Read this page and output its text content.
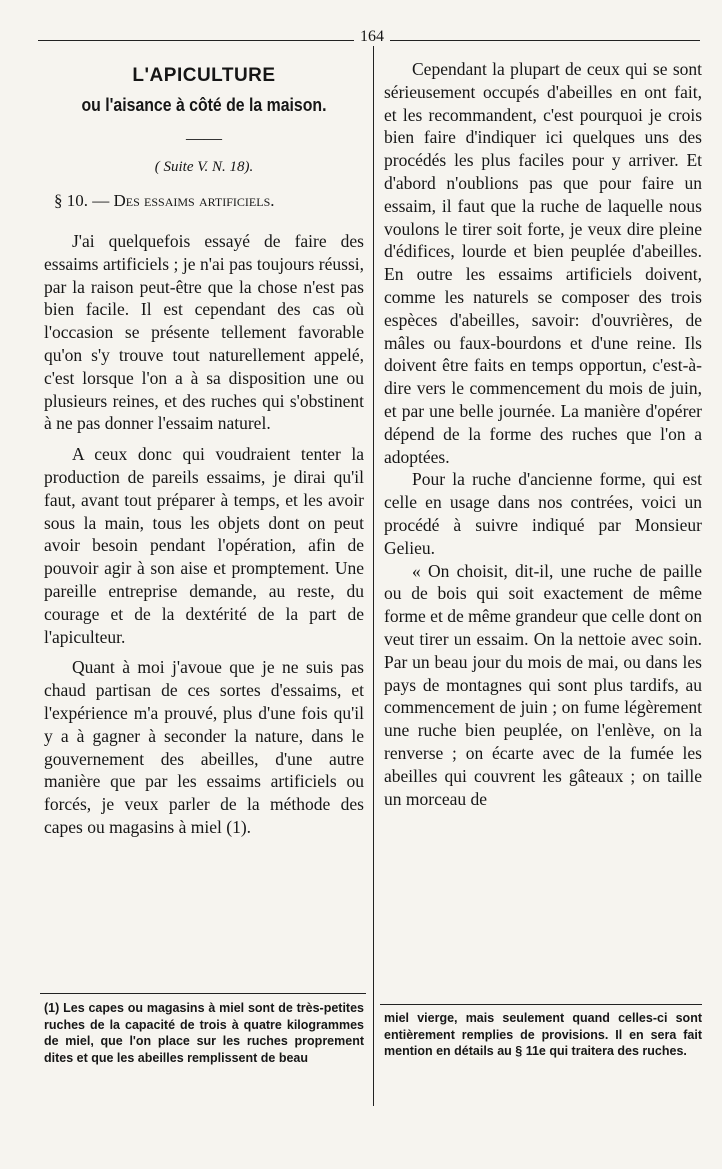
164
L'APICULTURE
ou l'aisance à côté de la maison.
——
( Suite V. N. 18).
§ 10. — Des essaims artificiels.

J'ai quelquefois essayé de faire des essaims artificiels ; je n'ai pas toujours réussi, par la raison peut-être que la chose n'est pas bien facile. Il est cependant des cas où l'occasion se présente tellement favorable qu'on s'y trouve tout naturellement appelé, c'est lorsque l'on a à sa disposition une ou plusieurs reines, et des ruches qui s'obstinent à ne pas donner l'essaim naturel.

A ceux donc qui voudraient tenter la production de pareils essaims, je dirai qu'il faut, avant tout préparer à temps, et les avoir sous la main, tous les objets dont on peut avoir besoin pendant l'opération, afin de pouvoir agir à son aise et promptement. Une pareille entreprise demande, au reste, du courage et de la dextérité de la part de l'apiculteur.

Quant à moi j'avoue que je ne suis pas chaud partisan de ces sortes d'essaims, et l'expérience m'a prouvé, plus d'une fois qu'il y a à gagner à seconder la nature, dans le gouvernement des abeilles, d'une autre manière que par les essaims artificiels ou forcés, je veux parler de la méthode des capes ou magasins à miel (1).

Cependant la plupart de ceux qui se sont sérieusement occupés d'abeilles en ont fait, et les recommandent, c'est pourquoi je crois bien faire d'indiquer ici quelques uns des procédés les plus faciles pour y arriver. Et d'abord n'oublions pas que pour faire un essaim, il faut que la ruche de laquelle nous voulons le tirer soit forte, je veux dire pleine d'édifices, lourde et bien peuplée d'abeilles. En outre les essaims artificiels doivent, comme les naturels se composer des trois espèces d'abeilles, savoir: d'ouvrières, de mâles ou faux-bourdons et d'une reine. Ils doivent être faits en temps opportun, c'est-à-dire vers le commencement du mois de juin, et par une belle journée. La manière d'opérer dépend de la forme des ruches que l'on a adoptées.

Pour la ruche d'ancienne forme, qui est celle en usage dans nos contrées, voici un procédé à suivre indiqué par Monsieur Gelieu.

« On choisit, dit-il, une ruche de paille ou de bois qui soit exactement de même forme et de même grandeur que celle dont on veut tirer un essaim. On la nettoie avec soin. Par un beau jour du mois de mai, ou dans les pays de montagnes qui sont plus tardifs, au commencement de juin ; on fume légèrement une ruche bien peuplée, on l'enlève, on la renverse ; on écarte avec de la fumée les abeilles qui couvrent les gâteaux ; on taille un morceau de

(1) Les capes ou magasins à miel sont de très-petites ruches de la capacité de trois à quatre kilogrammes de miel, que l'on place sur les ruches proprement dites et que les abeilles remplissent de beau
miel vierge, mais seulement quand celles-ci sont entièrement remplies de provisions. Il en sera fait mention en détails au § 11e qui traitera des ruches.
